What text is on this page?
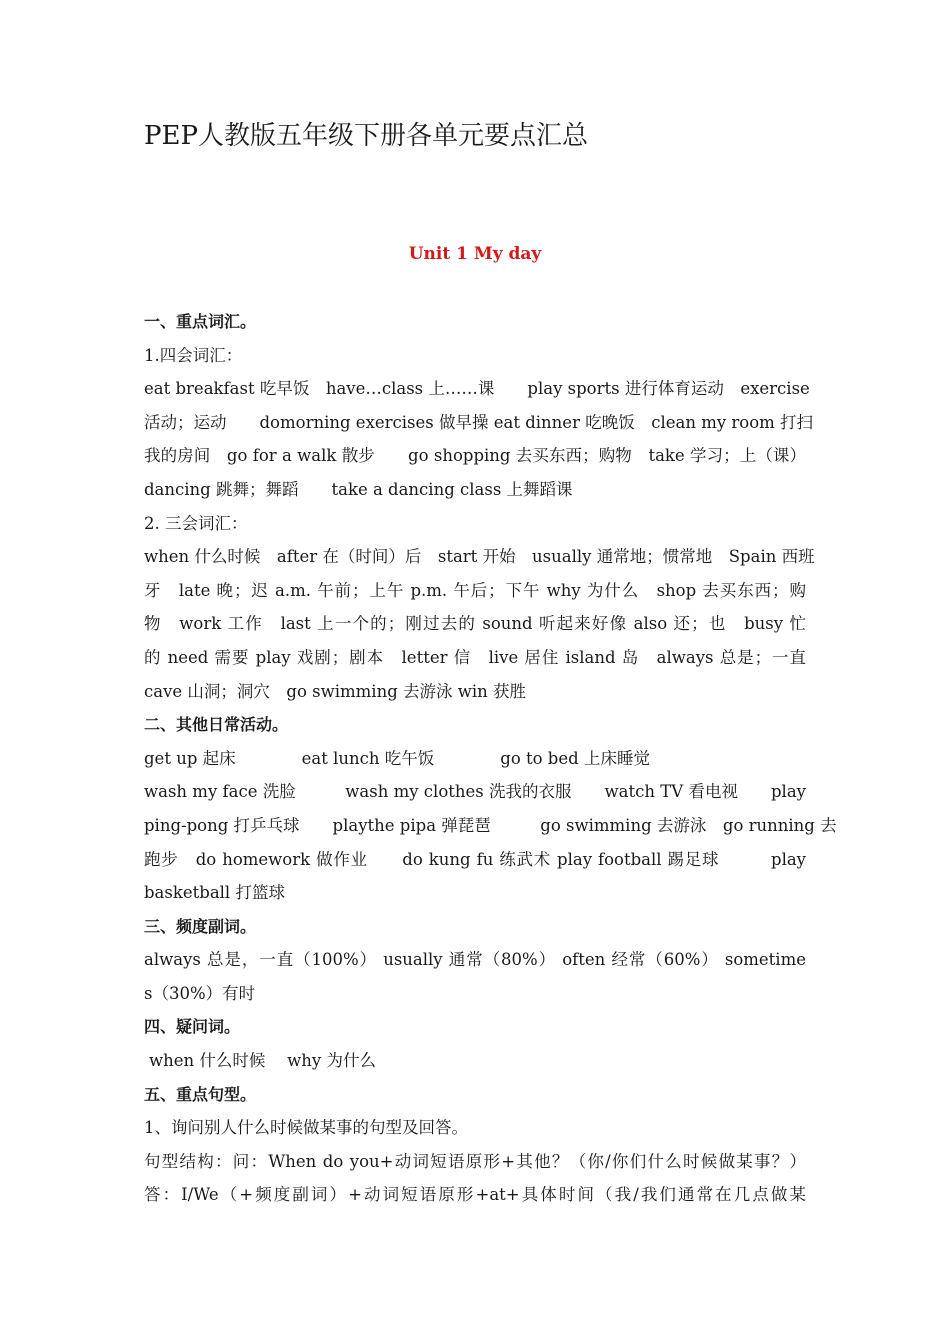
PEP人教版五年级下册各单元要点汇总
Unit 1 My day
一、重点词汇。
1.四会词汇：
eat breakfast 吃早饭　have…class 上……课　　play sports 进行体育运动　exercise
活动；运动　　domorning exercises 做早操 eat dinner 吃晚饭　clean my room 打扫
我的房间　go for a walk 散步　　go shopping 去买东西；购物　take 学习；上（课）
dancing 跳舞；舞蹈　　take a dancing class 上舞蹈课
2. 三会词汇：
when 什么时候　after 在（时间）后　start 开始　usually 通常地；惯常地　Spain 西班
牙　late 晚；迟 a.m. 午前；上午 p.m. 午后；下午 why 为什么　shop 去买东西；购
物　work 工作　last 上一个的；刚过去的 sound 听起来好像 also 还；也　busy 忙
的 need 需要 play 戏剧；剧本　letter 信　live 居住 island 岛　always 总是；一直
cave 山洞；洞穴　go swimming 去游泳 win 获胜
二、其他日常活动。
get up 起床　　　　eat lunch 吃午饭　　　　go to bed 上床睡觉
wash my face 洗脸　　　wash my clothes 洗我的衣服　　watch TV 看电视　　play
ping-pong 打乒乓球　　playthe pipa 弹琵琶　　　go swimming 去游泳　go running 去
跑步　do homework 做作业　　do kung fu 练武术 play football 踢足球　　　play
basketball 打篮球
三、频度副词。
always 总是，一直（100%） usually 通常（80%） often 经常（60%） sometime
s（30%）有时
四、疑问词。
when 什么时候　 why 为什么
五、重点句型。
1、询问别人什么时候做某事的句型及回答。
句型结构：问：When do you+动词短语原形+其他？（你/你们什么时候做某事？）
答：I/We（+频度副词）+动词短语原形+at+具体时间（我/我们通常在几点做某
